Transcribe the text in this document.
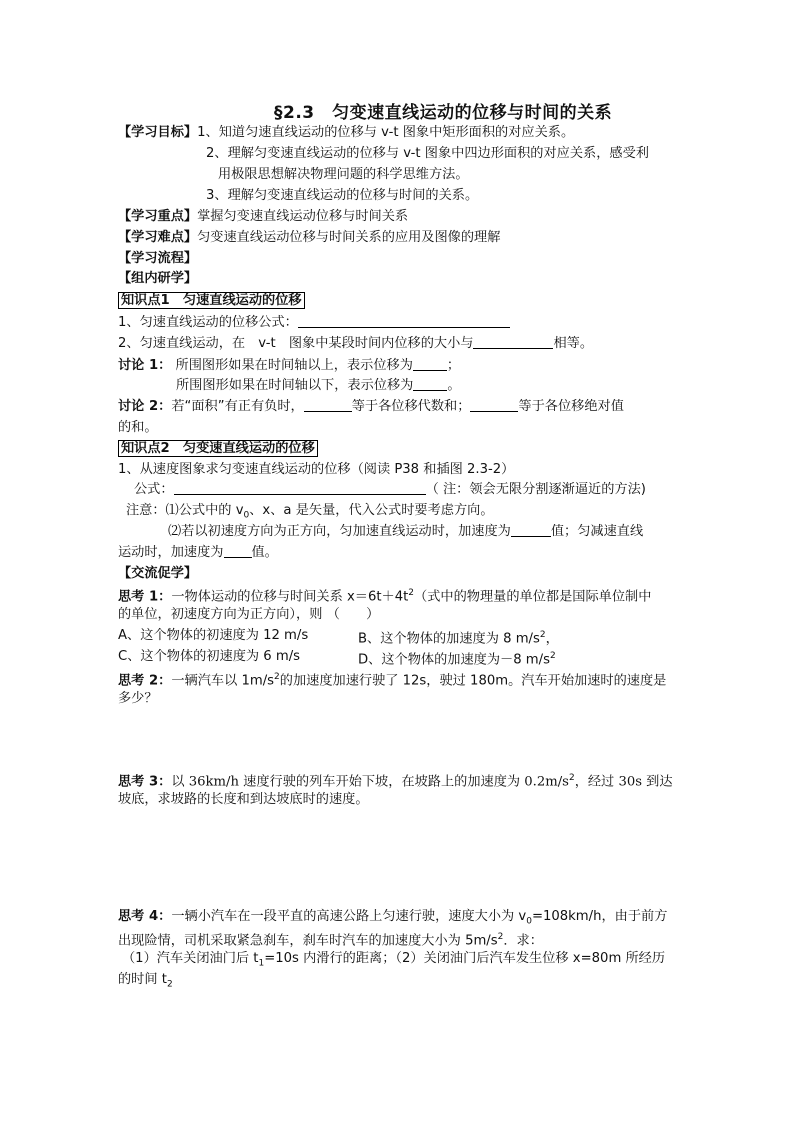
§2.3　匀变速直线运动的位移与时间的关系
【学习目标】1、知道匀速直线运动的位移与 v-t 图象中矩形面积的对应关系。
2、理解匀变速直线运动的位移与 v-t 图象中四边形面积的对应关系，感受利
用极限思想解决物理问题的科学思维方法。
3、理解匀变速直线运动的位移与时间的关系。
【学习重点】掌握匀变速直线运动位移与时间关系
【学习难点】匀变速直线运动位移与时间关系的应用及图像的理解
【学习流程】
【组内研学】
知识点1　匀速直线运动的位移
1、匀速直线运动的位移公式：
2、匀速直线运动，在　v-t　图象中某段时间内位移的大小与	相等。
讨论 1： 所围图形如果在时间轴以上，表示位移为	；
所围图形如果在时间轴以下，表示位移为	。
讨论 2：若“面积”有正有负时，	等于各位移代数和；	等于各位移绝对值
的和。
知识点2　匀变速直线运动的位移
1、从速度图象求匀变速直线运动的位移（阅读 P38 和插图 2.3-2）
公式：	（ 注：领会无限分割逐渐逼近的方法)
注意：⑴公式中的 $v_0$、x、a 是矢量，代入公式时要考虑方向。
⑵若以初速度方向为正方向，匀加速直线运动时，加速度为	值；匀减速直线
运动时，加速度为 值。
【交流促学】
思考 1：一物体运动的位移与时间关系 $x=6t+4t^2$（式中的物理量的单位都是国际单位制中
的单位，初速度方向为正方向），则 （　　）
A、这个物体的初速度为 12 m/s	B、这个物体的加速度为 8 $m/s^2$，
C、这个物体的初速度为 6 m/s	D、这个物体的加速度为－8 $m/s^2$
思考 2：一辆汽车以 $1m/s^2$的加速度加速行驶了 12s，驶过 180m。汽车开始加速时的速度是
多少？
思考 3：以 36km/h 速度行驶的列车开始下坡，在坡路上的加速度为 $0.2m/s^2$，经过 30s 到达
坡底，求坡路的长度和到达坡底时的速度。
思考 4：一辆小汽车在一段平直的高速公路上匀速行驶，速度大小为 $v_0=108km/h$，由于前方
出现险情，司机采取紧急刹车，刹车时汽车的加速度大小为 $5m/s^2$．求：
（1）汽车关闭油门后 $t_1=10s$ 内滑行的距离；（2）关闭油门后汽车发生位移 x=80m 所经历
的时间 $t_2$
